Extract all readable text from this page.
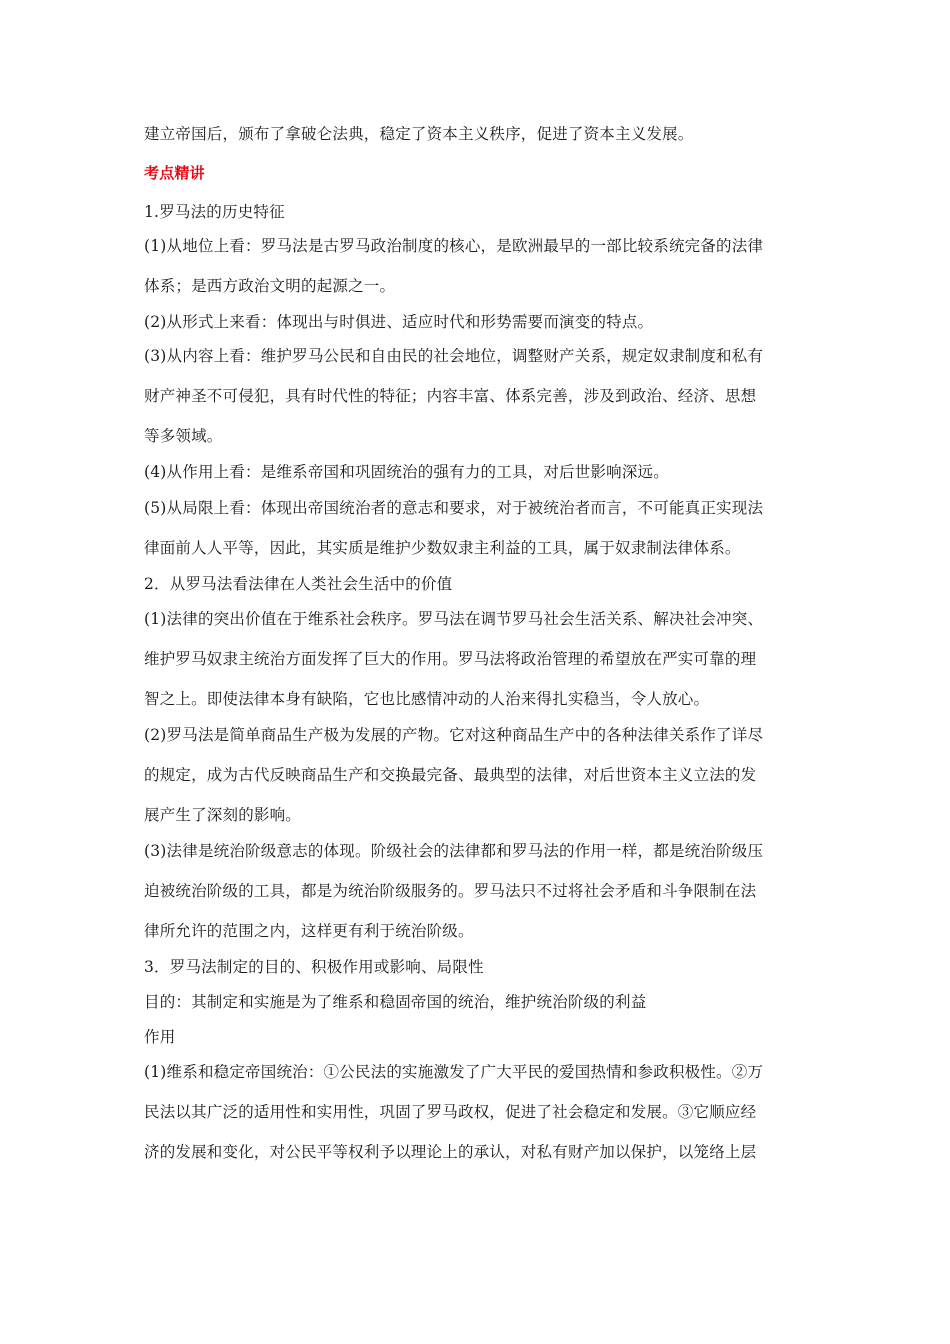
建立帝国后，颁布了拿破仑法典，稳定了资本主义秩序，促进了资本主义发展。
考点精讲
1.罗马法的历史特征
(1)从地位上看：罗马法是古罗马政治制度的核心，是欧洲最早的一部比较系统完备的法律
体系；是西方政治文明的起源之一。
(2)从形式上来看：体现出与时俱进、适应时代和形势需要而演变的特点。
(3)从内容上看：维护罗马公民和自由民的社会地位，调整财产关系，规定奴隶制度和私有
财产神圣不可侵犯，具有时代性的特征；内容丰富、体系完善，涉及到政治、经济、思想
等多领域。
(4)从作用上看：是维系帝国和巩固统治的强有力的工具，对后世影响深远。
(5)从局限上看：体现出帝国统治者的意志和要求，对于被统治者而言，不可能真正实现法
律面前人人平等，因此，其实质是维护少数奴隶主利益的工具，属于奴隶制法律体系。
2．从罗马法看法律在人类社会生活中的价值
(1)法律的突出价值在于维系社会秩序。罗马法在调节罗马社会生活关系、解决社会冲突、
维护罗马奴隶主统治方面发挥了巨大的作用。罗马法将政治管理的希望放在严实可靠的理
智之上。即使法律本身有缺陷，它也比感情冲动的人治来得扎实稳当，令人放心。
(2)罗马法是简单商品生产极为发展的产物。它对这种商品生产中的各种法律关系作了详尽
的规定，成为古代反映商品生产和交换最完备、最典型的法律，对后世资本主义立法的发
展产生了深刻的影响。
(3)法律是统治阶级意志的体现。阶级社会的法律都和罗马法的作用一样，都是统治阶级压
迫被统治阶级的工具，都是为统治阶级服务的。罗马法只不过将社会矛盾和斗争限制在法
律所允许的范围之内，这样更有利于统治阶级。
3．罗马法制定的目的、积极作用或影响、局限性
目的：其制定和实施是为了维系和稳固帝国的统治，维护统治阶级的利益
作用
(1)维系和稳定帝国统治：①公民法的实施激发了广大平民的爱国热情和参政积极性。②万
民法以其广泛的适用性和实用性，巩固了罗马政权，促进了社会稳定和发展。③它顺应经
济的发展和变化，对公民平等权利予以理论上的承认，对私有财产加以保护，以笼络上层
